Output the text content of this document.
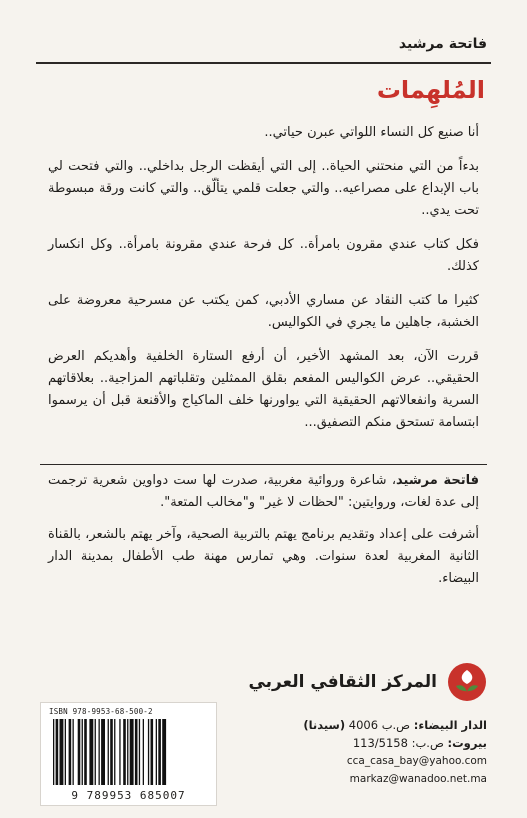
فاتحة مرشيد
المُلهِمات

أنا صنيع كل النساء اللواتي عبرن حياتي..

بدءاً من التي منحتني الحياة.. إلى التي أيقظت الرجل بداخلي.. والتي فتحت لي باب الإبداع على مصراعيه.. والتي جعلت قلمي يتألّق.. والتي كانت ورقة مبسوطة تحت يدي..

فكل كتاب عندي مقرون بامرأة.. كل فرحة عندي مقرونة بامرأة.. وكل انكسار كذلك.

كثيرا ما كتب النقاد عن مساري الأدبي، كمن يكتب عن مسرحية معروضة على الخشبة، جاهلين ما يجري في الكواليس.

قررت الآن، بعد المشهد الأخير، أن أرفع الستارة الخلفية وأهديكم العرض الحقيقي.. عرض الكواليس المفعم بقلق الممثلين وتقلباتهم المزاجية.. بعلاقاتهم السرية وانفعالاتهم الحقيقية التي يواورنها خلف الماكياج والأقنعة قبل أن يرسموا ابتسامة تستحق منكم التصفيق...

فاتحة مرشيد، شاعرة وروائية مغربية، صدرت لها ست دواوين شعرية ترجمت إلى عدة لغات، وروايتين: "لحظات لا غير" و"مخالب المتعة".

أشرفت على إعداد وتقديم برنامج يهتم بالتربية الصحية، وآخر يهتم بالشعر، بالقناة الثانية المغربية لعدة سنوات. وهي تمارس مهنة طب الأطفال بمدينة الدار البيضاء.

المركز الثقافي العربي
الدار البيضاء: ص.ب 4006 (سيدنا)
بيروت: ص.ب: 113/5158
cca_casa_bay@yahoo.com
markaz@wanadoo.net.ma
ISBN 978-9953-68-500-2
9 789953 685007
